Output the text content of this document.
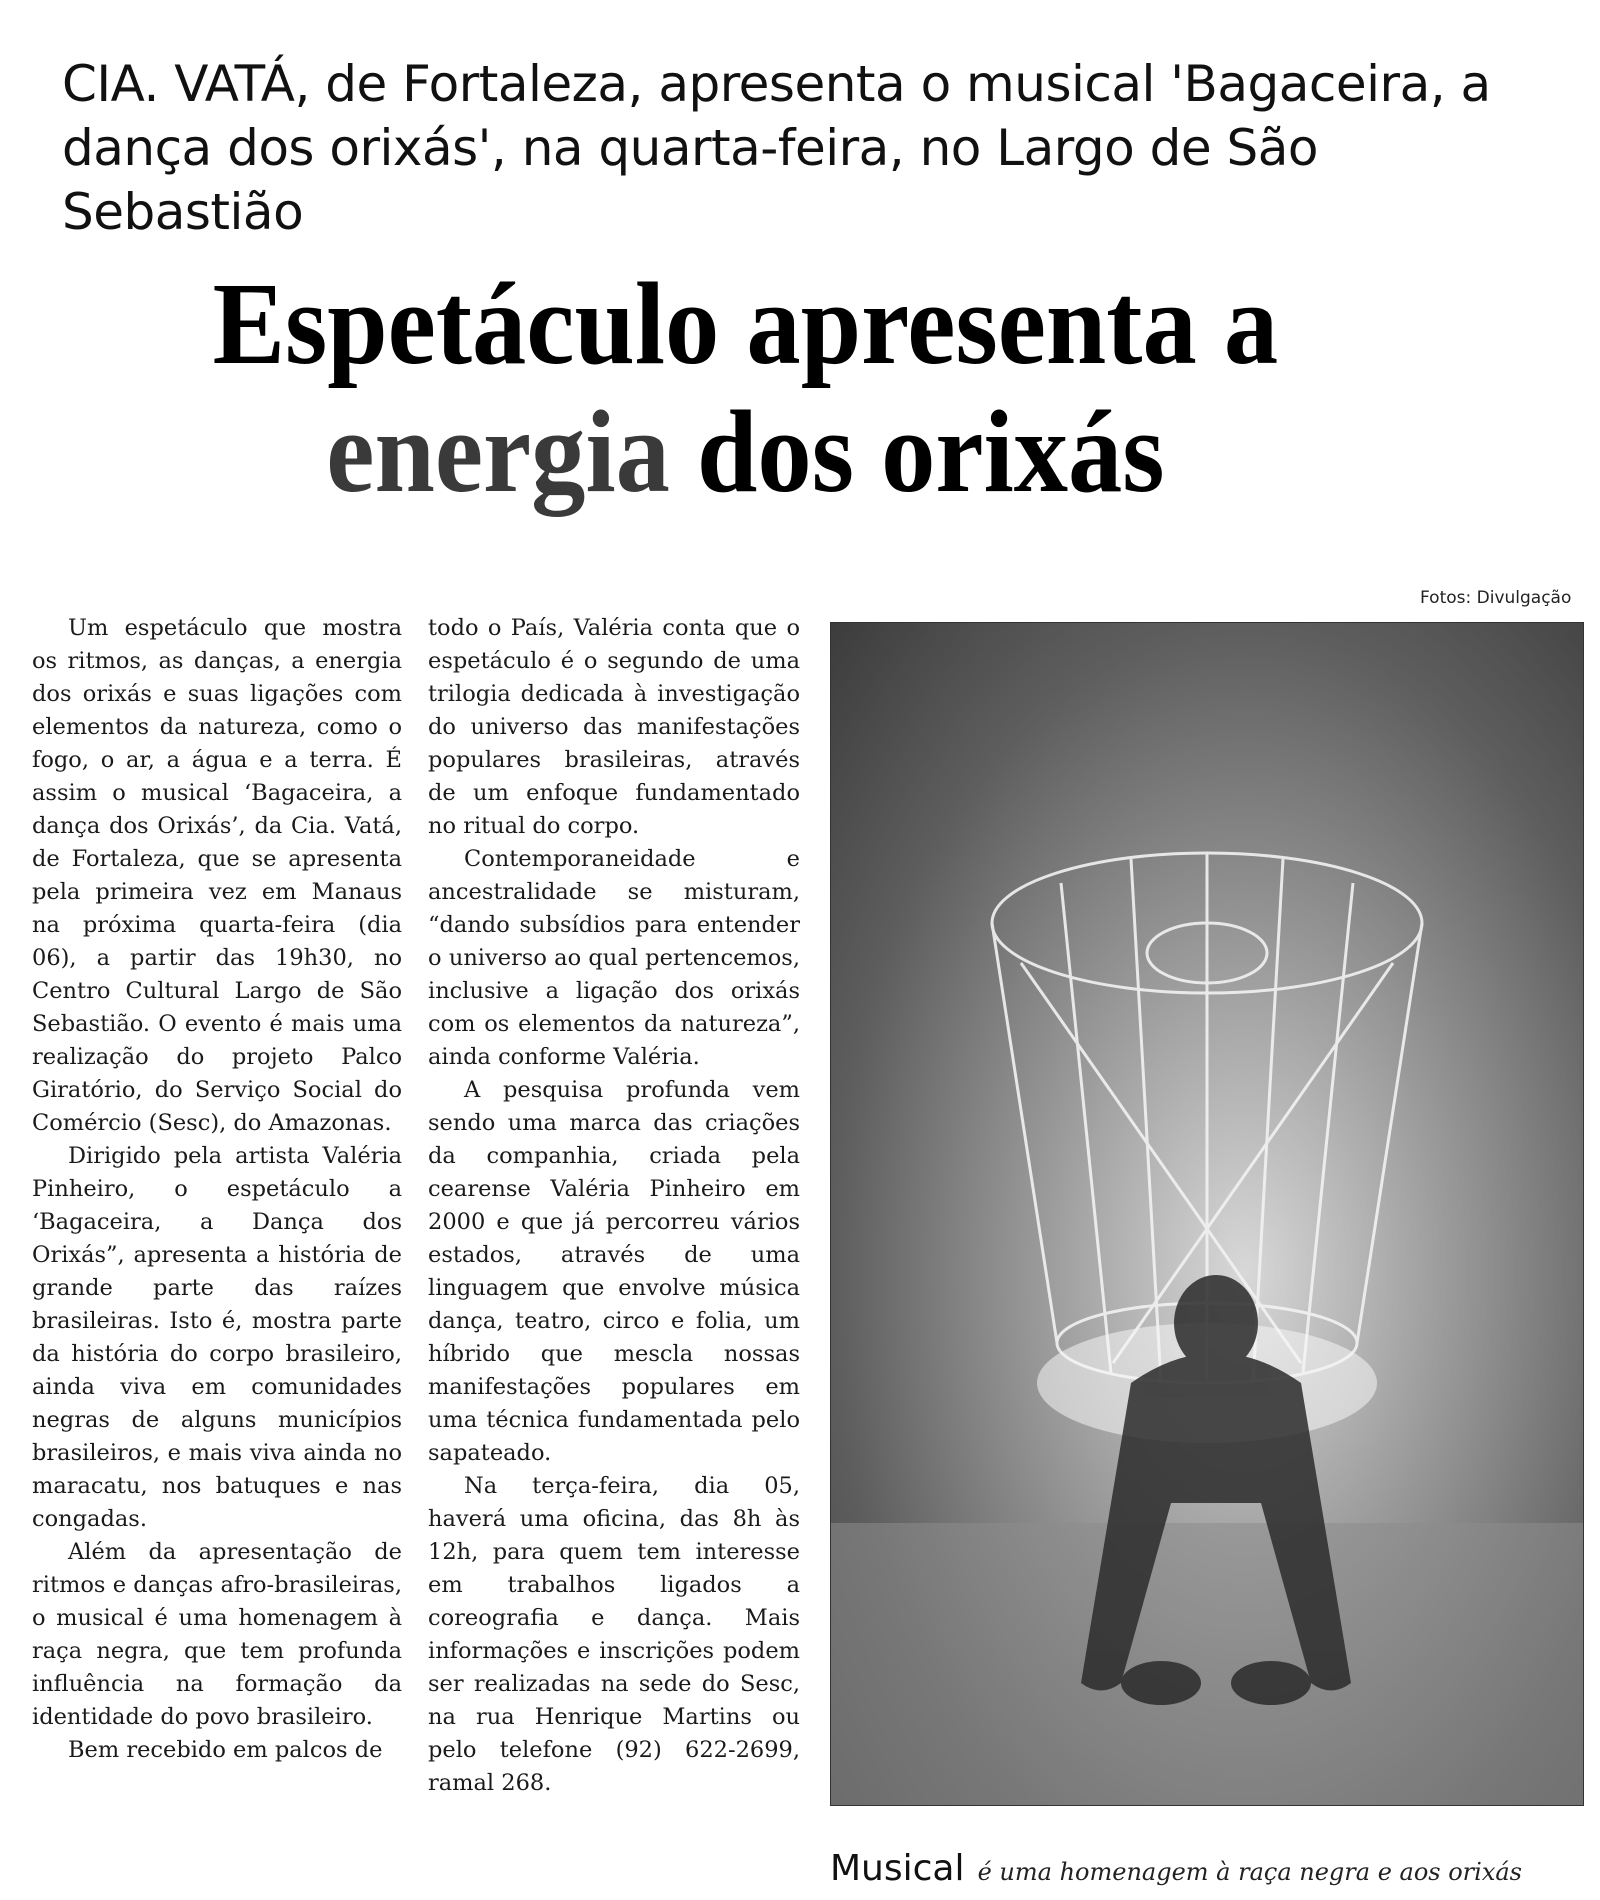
CIA. VATÁ, de Fortaleza, apresenta o musical 'Bagaceira, a dança dos orixás', na quarta-feira, no Largo de São Sebastião
Espetáculo apresenta a
energia dos orixás

Um espetáculo que mostra os ritmos, as danças, a energia dos orixás e suas ligações com elementos da natureza, como o fogo, o ar, a água e a terra. É assim o musical ‘Bagaceira, a dança dos Orixás’, da Cia. Vatá, de Fortaleza, que se apresenta pela primeira vez em Manaus na próxima quarta-feira (dia 06), a partir das 19h30, no Centro Cultural Largo de São Sebastião. O evento é mais uma realização do projeto Palco Giratório, do Serviço Social do Comércio (Sesc), do Amazonas.

Dirigido pela artista Valéria Pinheiro, o espetáculo a ‘Bagaceira, a Dança dos Orixás”, apresenta a história de grande parte das raízes brasileiras. Isto é, mostra parte da história do corpo brasileiro, ainda viva em comunidades negras de alguns municípios brasileiros, e mais viva ainda no maracatu, nos batuques e nas congadas.

Além da apresentação de ritmos e danças afro-brasileiras, o musical é uma homenagem à raça negra, que tem profunda influência na formação da identidade do povo brasileiro.

Bem recebido em palcos de

todo o País, Valéria conta que o espetáculo é o segundo de uma trilogia dedicada à investigação do universo das manifestações populares brasileiras, através de um enfoque fundamentado no ritual do corpo.

Contemporaneidade e ancestralidade se misturam, “dando subsídios para entender o universo ao qual pertencemos, inclusive a ligação dos orixás com os elementos da natureza”, ainda conforme Valéria.

A pesquisa profunda vem sendo uma marca das criações da companhia, criada pela cearense Valéria Pinheiro em 2000 e que já percorreu vários estados, através de uma linguagem que envolve música dança, teatro, circo e folia, um híbrido que mescla nossas manifestações populares em uma técnica fundamentada pelo sapateado.

Na terça-feira, dia 05, haverá uma oficina, das 8h às 12h, para quem tem interesse em trabalhos ligados a coreografia e dança. Mais informações e inscrições podem ser realizadas na sede do Sesc, na rua Henrique Martins ou pelo telefone (92) 622-2699, ramal 268.

Fotos: Divulgação
Musical é uma homenagem à raça negra e aos orixás
